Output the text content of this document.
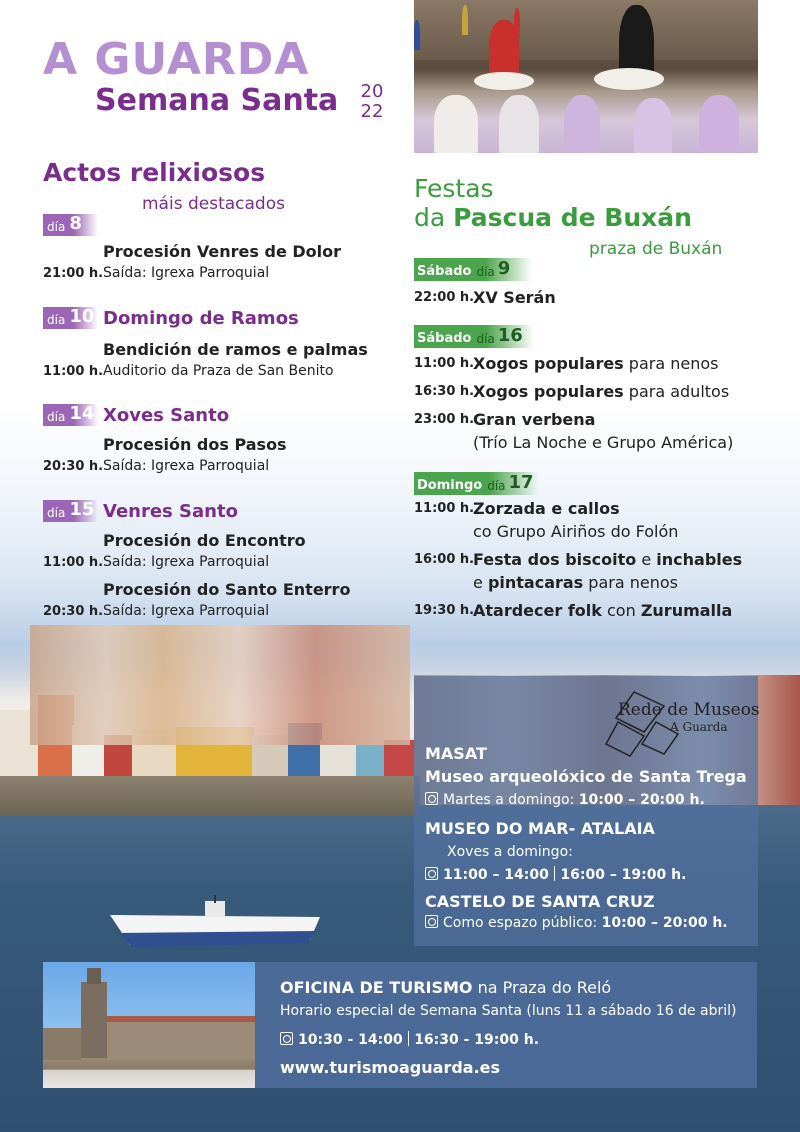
A GUARDA
Semana Santa 20
22
Actos relixiosos
máis destacados
día 8
Procesión Venres de Dolor
21:00 h. Saída: Igrexa Parroquial
día 10 Domingo de Ramos
Bendición de ramos e palmas
11:00 h. Auditorio da Praza de San Benito
día 14 Xoves Santo
Procesión dos Pasos
20:30 h. Saída: Igrexa Parroquial
día 15 Venres Santo
Procesión do Encontro
11:00 h. Saída: Igrexa Parroquial
Procesión do Santo Enterro
20:30 h. Saída: Igrexa Parroquial
Festas
da Pascua de Buxán
praza de Buxán
Sábado día 9
22:00 h.
XV Serán
Sábado día 16
11:00 h.
Xogos populares para nenos
16:30 h.
Xogos populares para adultos
23:00 h.
Gran verbena
(Trío La Noche e Grupo América)
Domingo día 17
11:00 h.
Zorzada e callos
co Grupo Airiños do Folón
16:00 h.
Festa dos biscoito e inchables
e pintacaras para nenos
19:30 h.
Atardecer folk con Zurumalla
Rede de Museos
A Guarda
MASAT
Museo arqueolóxico de Santa Trega
Martes a domingo: 10:00 – 20:00 h.
MUSEO DO MAR- ATALAIA
Xoves a domingo:
11:00 – 14:00 16:00 – 19:00 h.
CASTELO DE SANTA CRUZ
Como espazo público: 10:00 – 20:00 h.
OFICINA DE TURISMO na Praza do Reló
Horario especial de Semana Santa (luns 11 a sábado 16 de abril)
10:30 - 14:00 16:30 - 19:00 h.
www.turismoaguarda.es
